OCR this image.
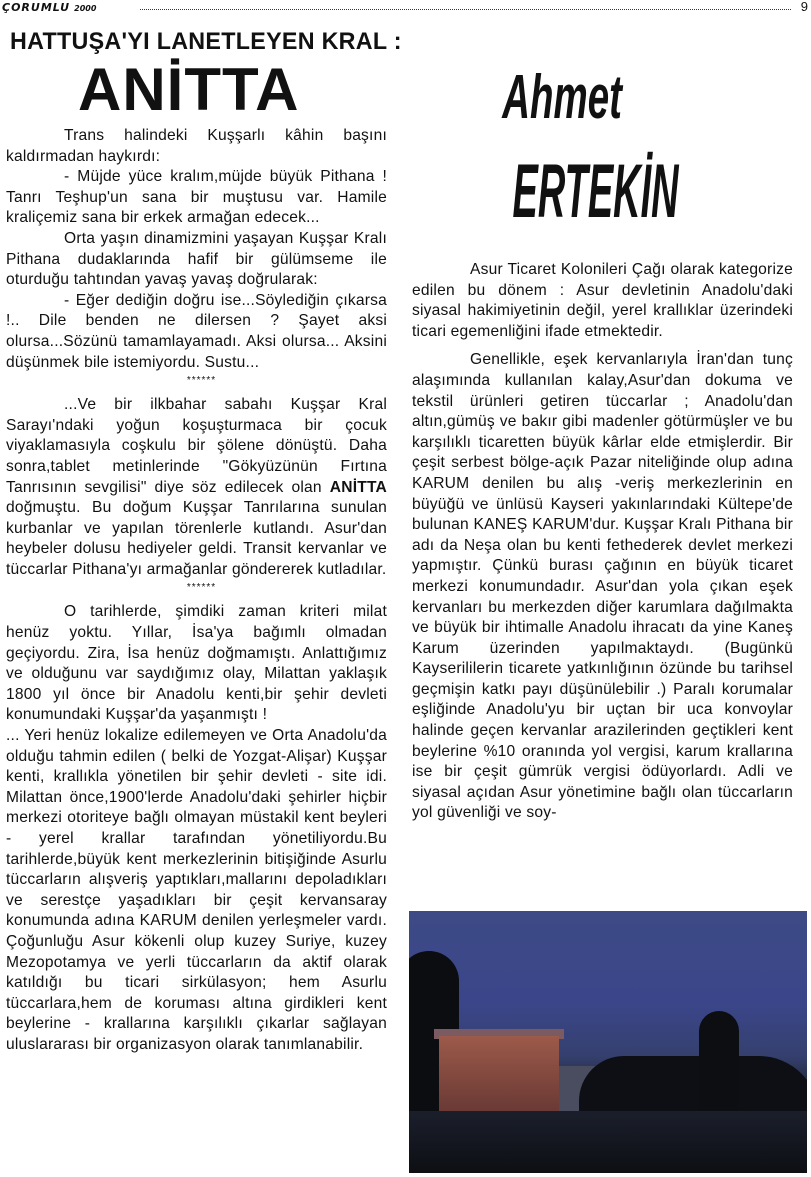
ÇORUMLU 2000	9
HATTUŞA'YI LANETLEYEN KRAL :
ANİTTA	Ahmet
ERTEKİN

Trans halindeki Kuşşarlı kâhin başını kaldırmadan haykırdı:

- Müjde yüce kralım,müjde büyük Pithana ! Tanrı Teşhup'un sana bir muştusu var. Hamile kraliçemiz sana bir erkek armağan edecek...

Orta yaşın dinamizmini yaşayan Kuşşar Kralı Pithana dudaklarında hafif bir gülümseme ile oturduğu tahtından yavaş yavaş doğrularak:

- Eğer dediğin doğru ise...Söylediğin çıkarsa !.. Dile benden ne dilersen ? Şayet aksi olursa...Sözünü tamamlayamadı. Aksi olursa... Aksini düşünmek bile istemiyordu. Sustu...

******

...Ve bir ilkbahar sabahı Kuşşar Kral Sarayı'ndaki yoğun koşuşturmaca bir çocuk viyaklamasıyla coşkulu bir şölene dönüştü. Daha sonra,tablet metinlerinde "Gökyüzünün Fırtına Tanrısının sevgilisi" diye söz edilecek olan ANİTTA doğmuştu. Bu doğum Kuşşar Tanrılarına sunulan kurbanlar ve yapılan törenlerle kutlandı. Asur'dan heybeler dolusu hediyeler geldi. Transit kervanlar ve tüccarlar Pithana'yı armağanlar göndererek kutladılar.

******

O tarihlerde, şimdiki zaman kriteri milat henüz yoktu. Yıllar, İsa'ya bağımlı olmadan geçiyordu. Zira, İsa henüz doğmamıştı. Anlattığımız ve olduğunu var saydığımız olay, Milattan yaklaşık 1800 yıl önce bir Anadolu kenti,bir şehir devleti konumundaki Kuşşar'da yaşanmıştı !

... Yeri henüz lokalize edilemeyen ve Orta Anadolu'da olduğu tahmin edilen ( belki de Yozgat-Alişar) Kuşşar kenti, krallıkla yönetilen bir şehir devleti - site idi. Milattan önce,1900'lerde Anadolu'daki şehirler hiçbir merkezi otoriteye bağlı olmayan müstakil kent beyleri - yerel krallar tarafından yönetiliyordu.Bu tarihlerde,büyük kent merkezlerinin bitişiğinde Asurlu tüccarların alışveriş yaptıkları,mallarını depoladıkları ve serestçe yaşadıkları bir çeşit kervansaray konumunda adına KARUM denilen yerleşmeler vardı. Çoğunluğu Asur kökenli olup kuzey Suriye, kuzey Mezopotamya ve yerli tüccarların da aktif olarak katıldığı bu ticari sirkülasyon; hem Asurlu tüccarlara,hem de koruması altına girdikleri kent beylerine - krallarına karşılıklı çıkarlar sağlayan uluslararası bir organizasyon olarak tanımlanabilir.

Asur Ticaret Kolonileri Çağı olarak kategorize edilen bu dönem : Asur devletinin Anadolu'daki siyasal hakimiyetinin değil, yerel krallıklar üzerindeki ticari egemenliğini ifade etmektedir.

Genellikle, eşek kervanlarıyla İran'dan tunç alaşımında kullanılan kalay,Asur'dan dokuma ve tekstil ürünleri getiren tüccarlar ; Anadolu'dan altın,gümüş ve bakır gibi madenler götürmüşler ve bu karşılıklı ticaretten büyük kârlar elde etmişlerdir. Bir çeşit serbest bölge-açık Pazar niteliğinde olup adına KARUM denilen bu alış -veriş merkezlerinin en büyüğü ve ünlüsü Kayseri yakınlarındaki Kültepe'de bulunan KANEŞ KARUM'dur. Kuşşar Kralı Pithana bir adı da Neşa olan bu kenti fethederek devlet merkezi yapmıştır. Çünkü burası çağının en büyük ticaret merkezi konumundadır. Asur'dan yola çıkan eşek kervanları bu merkezden diğer karumlara dağılmakta ve büyük bir ihtimalle Anadolu ihracatı da yine Kaneş Karum üzerinden yapılmaktaydı. (Bugünkü Kayserililerin ticarete yatkınlığının özünde bu tarihsel geçmişin katkı payı düşünülebilir .) Paralı korumalar eşliğinde Anadolu'yu bir uçtan bir uca konvoylar halinde geçen kervanlar arazilerinden geçtikleri kent beylerine %10 oranında yol vergisi, karum krallarına ise bir çeşit gümrük vergisi ödüyorlardı. Adli ve siyasal açıdan Asur yönetimine bağlı olan tüccarların yol güvenliği ve soy-
